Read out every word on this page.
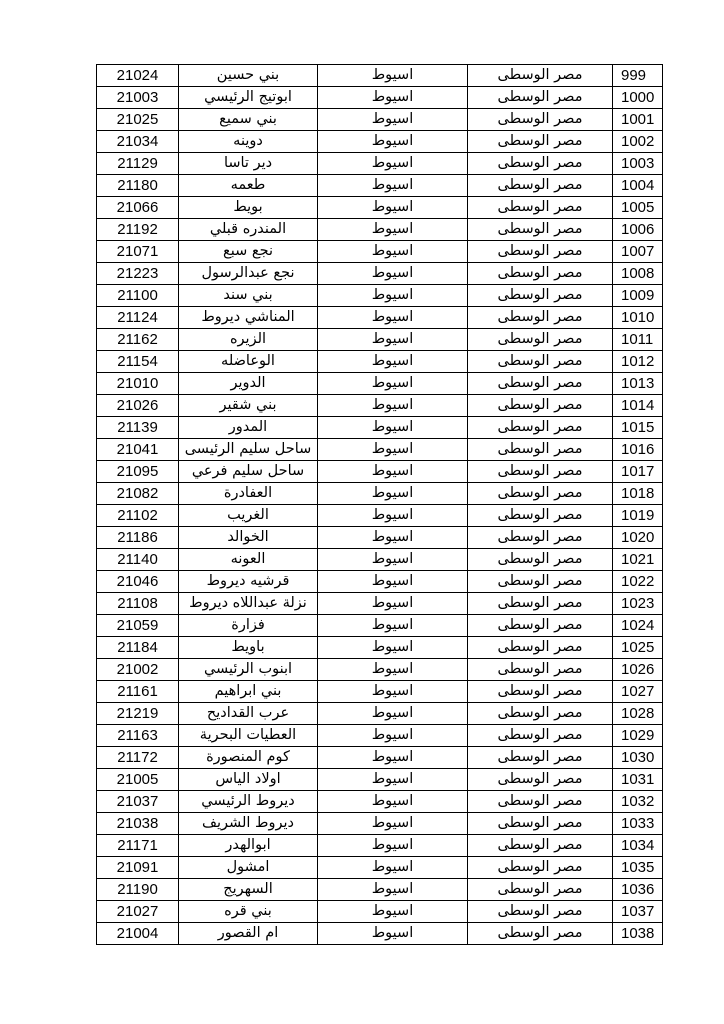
21024	بني حسين	اسيوط	مصر الوسطى	999
21003	ابوتيج الرئيسي	اسيوط	مصر الوسطى	1000
21025	بني سميع	اسيوط	مصر الوسطى	1001
21034	دوينه	اسيوط	مصر الوسطى	1002
21129	دير تاسا	اسيوط	مصر الوسطى	1003
21180	طعمه	اسيوط	مصر الوسطى	1004
21066	بويط	اسيوط	مصر الوسطى	1005
21192	المندره قبلي	اسيوط	مصر الوسطى	1006
21071	نجع سبع	اسيوط	مصر الوسطى	1007
21223	نجع عبدالرسول	اسيوط	مصر الوسطى	1008
21100	بني سند	اسيوط	مصر الوسطى	1009
21124	المناشي ديروط	اسيوط	مصر الوسطى	1010
21162	الزيره	اسيوط	مصر الوسطى	1011
21154	الوعاضله	اسيوط	مصر الوسطى	1012
21010	الدوير	اسيوط	مصر الوسطى	1013
21026	بني شقير	اسيوط	مصر الوسطى	1014
21139	المدور	اسيوط	مصر الوسطى	1015
21041	ساحل سليم الرئيسى	اسيوط	مصر الوسطى	1016
21095	ساحل سليم فرعي	اسيوط	مصر الوسطى	1017
21082	العفادرة	اسيوط	مصر الوسطى	1018
21102	الغريب	اسيوط	مصر الوسطى	1019
21186	الخوالد	اسيوط	مصر الوسطى	1020
21140	العونه	اسيوط	مصر الوسطى	1021
21046	قرشيه ديروط	اسيوط	مصر الوسطى	1022
21108	نزلة عبداللاه ديروط	اسيوط	مصر الوسطى	1023
21059	فزارة	اسيوط	مصر الوسطى	1024
21184	باويط	اسيوط	مصر الوسطى	1025
21002	ابنوب الرئيسي	اسيوط	مصر الوسطى	1026
21161	بني ابراهيم	اسيوط	مصر الوسطى	1027
21219	عرب القداديح	اسيوط	مصر الوسطى	1028
21163	العطيات البحرية	اسيوط	مصر الوسطى	1029
21172	كوم المنصورة	اسيوط	مصر الوسطى	1030
21005	اولاد الياس	اسيوط	مصر الوسطى	1031
21037	ديروط الرئيسي	اسيوط	مصر الوسطى	1032
21038	ديروط الشريف	اسيوط	مصر الوسطى	1033
21171	ابوالهدر	اسيوط	مصر الوسطى	1034
21091	امشول	اسيوط	مصر الوسطى	1035
21190	السهريج	اسيوط	مصر الوسطى	1036
21027	بني قره	اسيوط	مصر الوسطى	1037
21004	ام القصور	اسيوط	مصر الوسطى	1038
